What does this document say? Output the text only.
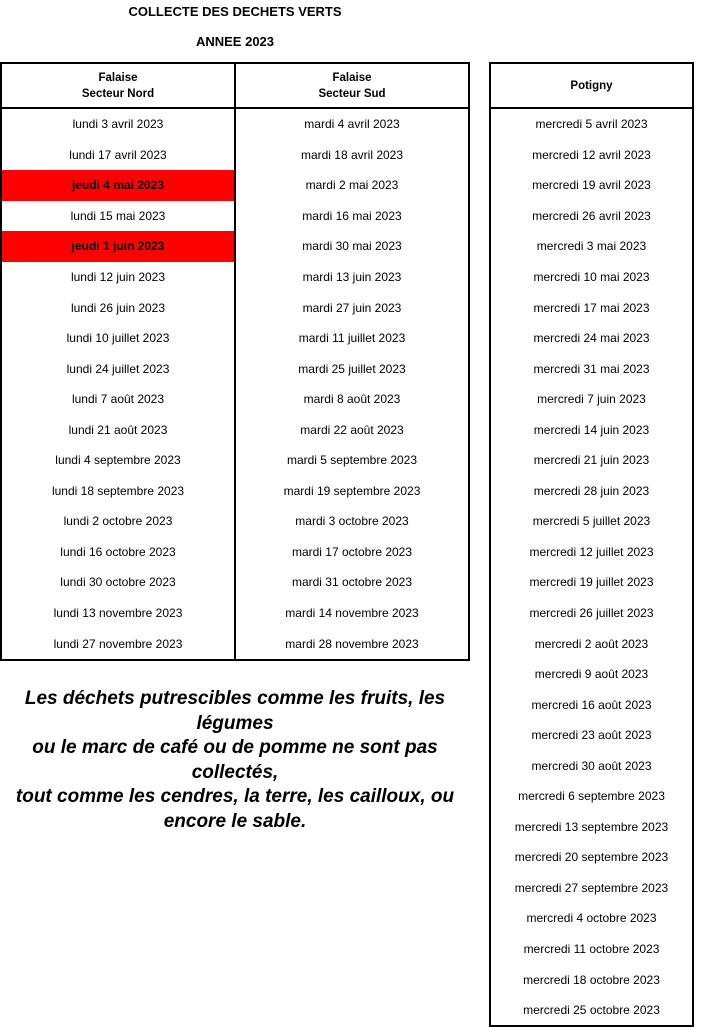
COLLECTE DES DECHETS VERTS
ANNEE 2023
Falaise
Secteur Nord

Falaise
Secteur Sud

lundi 3 avril 2023	mardi 4 avril 2023
lundi 17 avril 2023	mardi 18 avril 2023
jeudi 4 mai 2023	mardi 2 mai 2023
lundi 15 mai 2023	mardi 16 mai 2023
jeudi 1 juin 2023	mardi 30 mai 2023
lundi 12 juin 2023	mardi 13 juin 2023
lundi 26 juin 2023	mardi 27 juin 2023
lundi 10 juillet 2023	mardi 11 juillet 2023
lundi 24 juillet 2023	mardi 25 juillet 2023
lundi 7 août 2023	mardi 8 août 2023
lundi 21 août 2023	mardi 22 août 2023
lundi 4 septembre 2023	mardi 5 septembre 2023
lundi 18 septembre 2023	mardi 19 septembre 2023
lundi 2 octobre 2023	mardi 3 octobre 2023
lundi 16 octobre 2023	mardi 17 octobre 2023
lundi 30 octobre 2023	mardi 31 octobre 2023
lundi 13 novembre 2023	mardi 14 novembre 2023
lundi 27 novembre 2023	mardi 28 novembre 2023
Potigny
mercredi 5 avril 2023
mercredi 12 avril 2023
mercredi 19 avril 2023
mercredi 26 avril 2023
mercredi 3 mai 2023
mercredi 10 mai 2023
mercredi 17 mai 2023
mercredi 24 mai 2023
mercredi 31 mai 2023
mercredi 7 juin 2023
mercredi 14 juin 2023
mercredi 21 juin 2023
mercredi 28 juin 2023
mercredi 5 juillet 2023
mercredi 12 juillet 2023
mercredi 19 juillet 2023
mercredi 26 juillet 2023
mercredi 2 août 2023
mercredi 9 août 2023
mercredi 16 août 2023
mercredi 23 août 2023
mercredi 30 août 2023
mercredi 6 septembre 2023
mercredi 13 septembre 2023
mercredi 20 septembre 2023
mercredi 27 septembre 2023
mercredi 4 octobre 2023
mercredi 11 octobre 2023
mercredi 18 octobre 2023
mercredi 25 octobre 2023
Les déchets putrescibles comme les fruits, les
légumes
ou le marc de café ou de pomme ne sont pas
collectés,
tout comme les cendres, la terre, les cailloux, ou
encore le sable.
